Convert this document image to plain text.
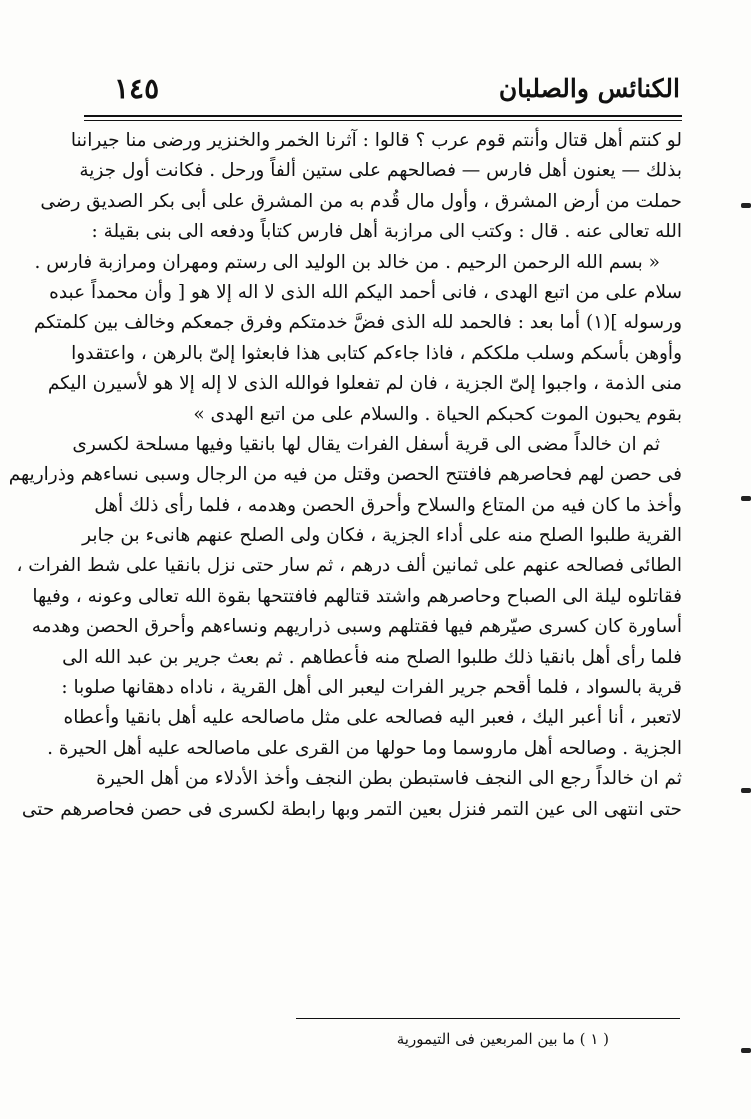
الكنائس والصلبان
١٤٥

لو كنتم أهل قتال وأنتم قوم عرب ؟ قالوا : آثرنا الخمر والخنزير ورضى منا جيراننا

بذلك — يعنون أهل فارس — فصالحهم على ستين ألفاً ورحل . فكانت أول جزية

حملت من أرض المشرق ، وأول مال قُدم به من المشرق على أبى بكر الصديق رضى

الله تعالى عنه . قال : وكتب الى مرازبة أهل فارس كتاباً ودفعه الى بنى بقيلة :

« بسم الله الرحمن الرحيم . من خالد بن الوليد الى رستم ومهران ومرازبة فارس .

سلام على من اتبع الهدى ، فانى أحمد اليكم الله الذى لا اله إلا هو [ وأن محمداً عبده

ورسوله ](١) أما بعد : فالحمد لله الذى فضَّ خدمتكم وفرق جمعكم وخالف بين كلمتكم

وأوهن بأسكم وسلب ملككم ، فاذا جاءكم كتابى هذا فابعثوا إلىّ بالرهن ، واعتقدوا

منى الذمة ، واجبوا إلىّ الجزية ، فان لم تفعلوا فوالله الذى لا إله إلا هو لأسيرن اليكم

بقوم يحبون الموت كحبكم الحياة . والسلام على من اتبع الهدى »

ثم ان خالداً مضى الى قرية أسفل الفرات يقال لها بانقيا وفيها مسلحة لكسرى

فى حصن لهم فحاصرهم فافتتح الحصن وقتل من فيه من الرجال وسبى نساءهم وذراريهم

وأخذ ما كان فيه من المتاع والسلاح وأحرق الحصن وهدمه ، فلما رأى ذلك أهل

القرية طلبوا الصلح منه على أداء الجزية ، فكان ولى الصلح عنهم هانىء بن جابر

الطائى فصالحه عنهم على ثمانين ألف درهم ، ثم سار حتى نزل بانقيا على شط الفرات ،

فقاتلوه ليلة الى الصباح وحاصرهم واشتد قتالهم فافتتحها بقوة الله تعالى وعونه ، وفيها

أساورة كان كسرى صيّرهم فيها فقتلهم وسبى ذراريهم ونساءهم وأحرق الحصن وهدمه

فلما رأى أهل بانقيا ذلك طلبوا الصلح منه فأعطاهم . ثم بعث جرير بن عبد الله الى

قرية بالسواد ، فلما أقحم جرير الفرات ليعبر الى أهل القرية ، ناداه دهقانها صلوبا :

لاتعبر ، أنا أعبر اليك ، فعبر اليه فصالحه على مثل ماصالحه عليه أهل بانقيا وأعطاه

الجزية . وصالحه أهل ماروسما وما حولها من القرى على ماصالحه عليه أهل الحيرة .

ثم ان خالداً رجع الى النجف فاستبطن بطن النجف وأخذ الأدلاء من أهل الحيرة

حتى انتهى الى عين التمر فنزل بعين التمر وبها رابطة لكسرى فى حصن فحاصرهم حتى

( ١ ) ما بين المربعين فى التيمورية
